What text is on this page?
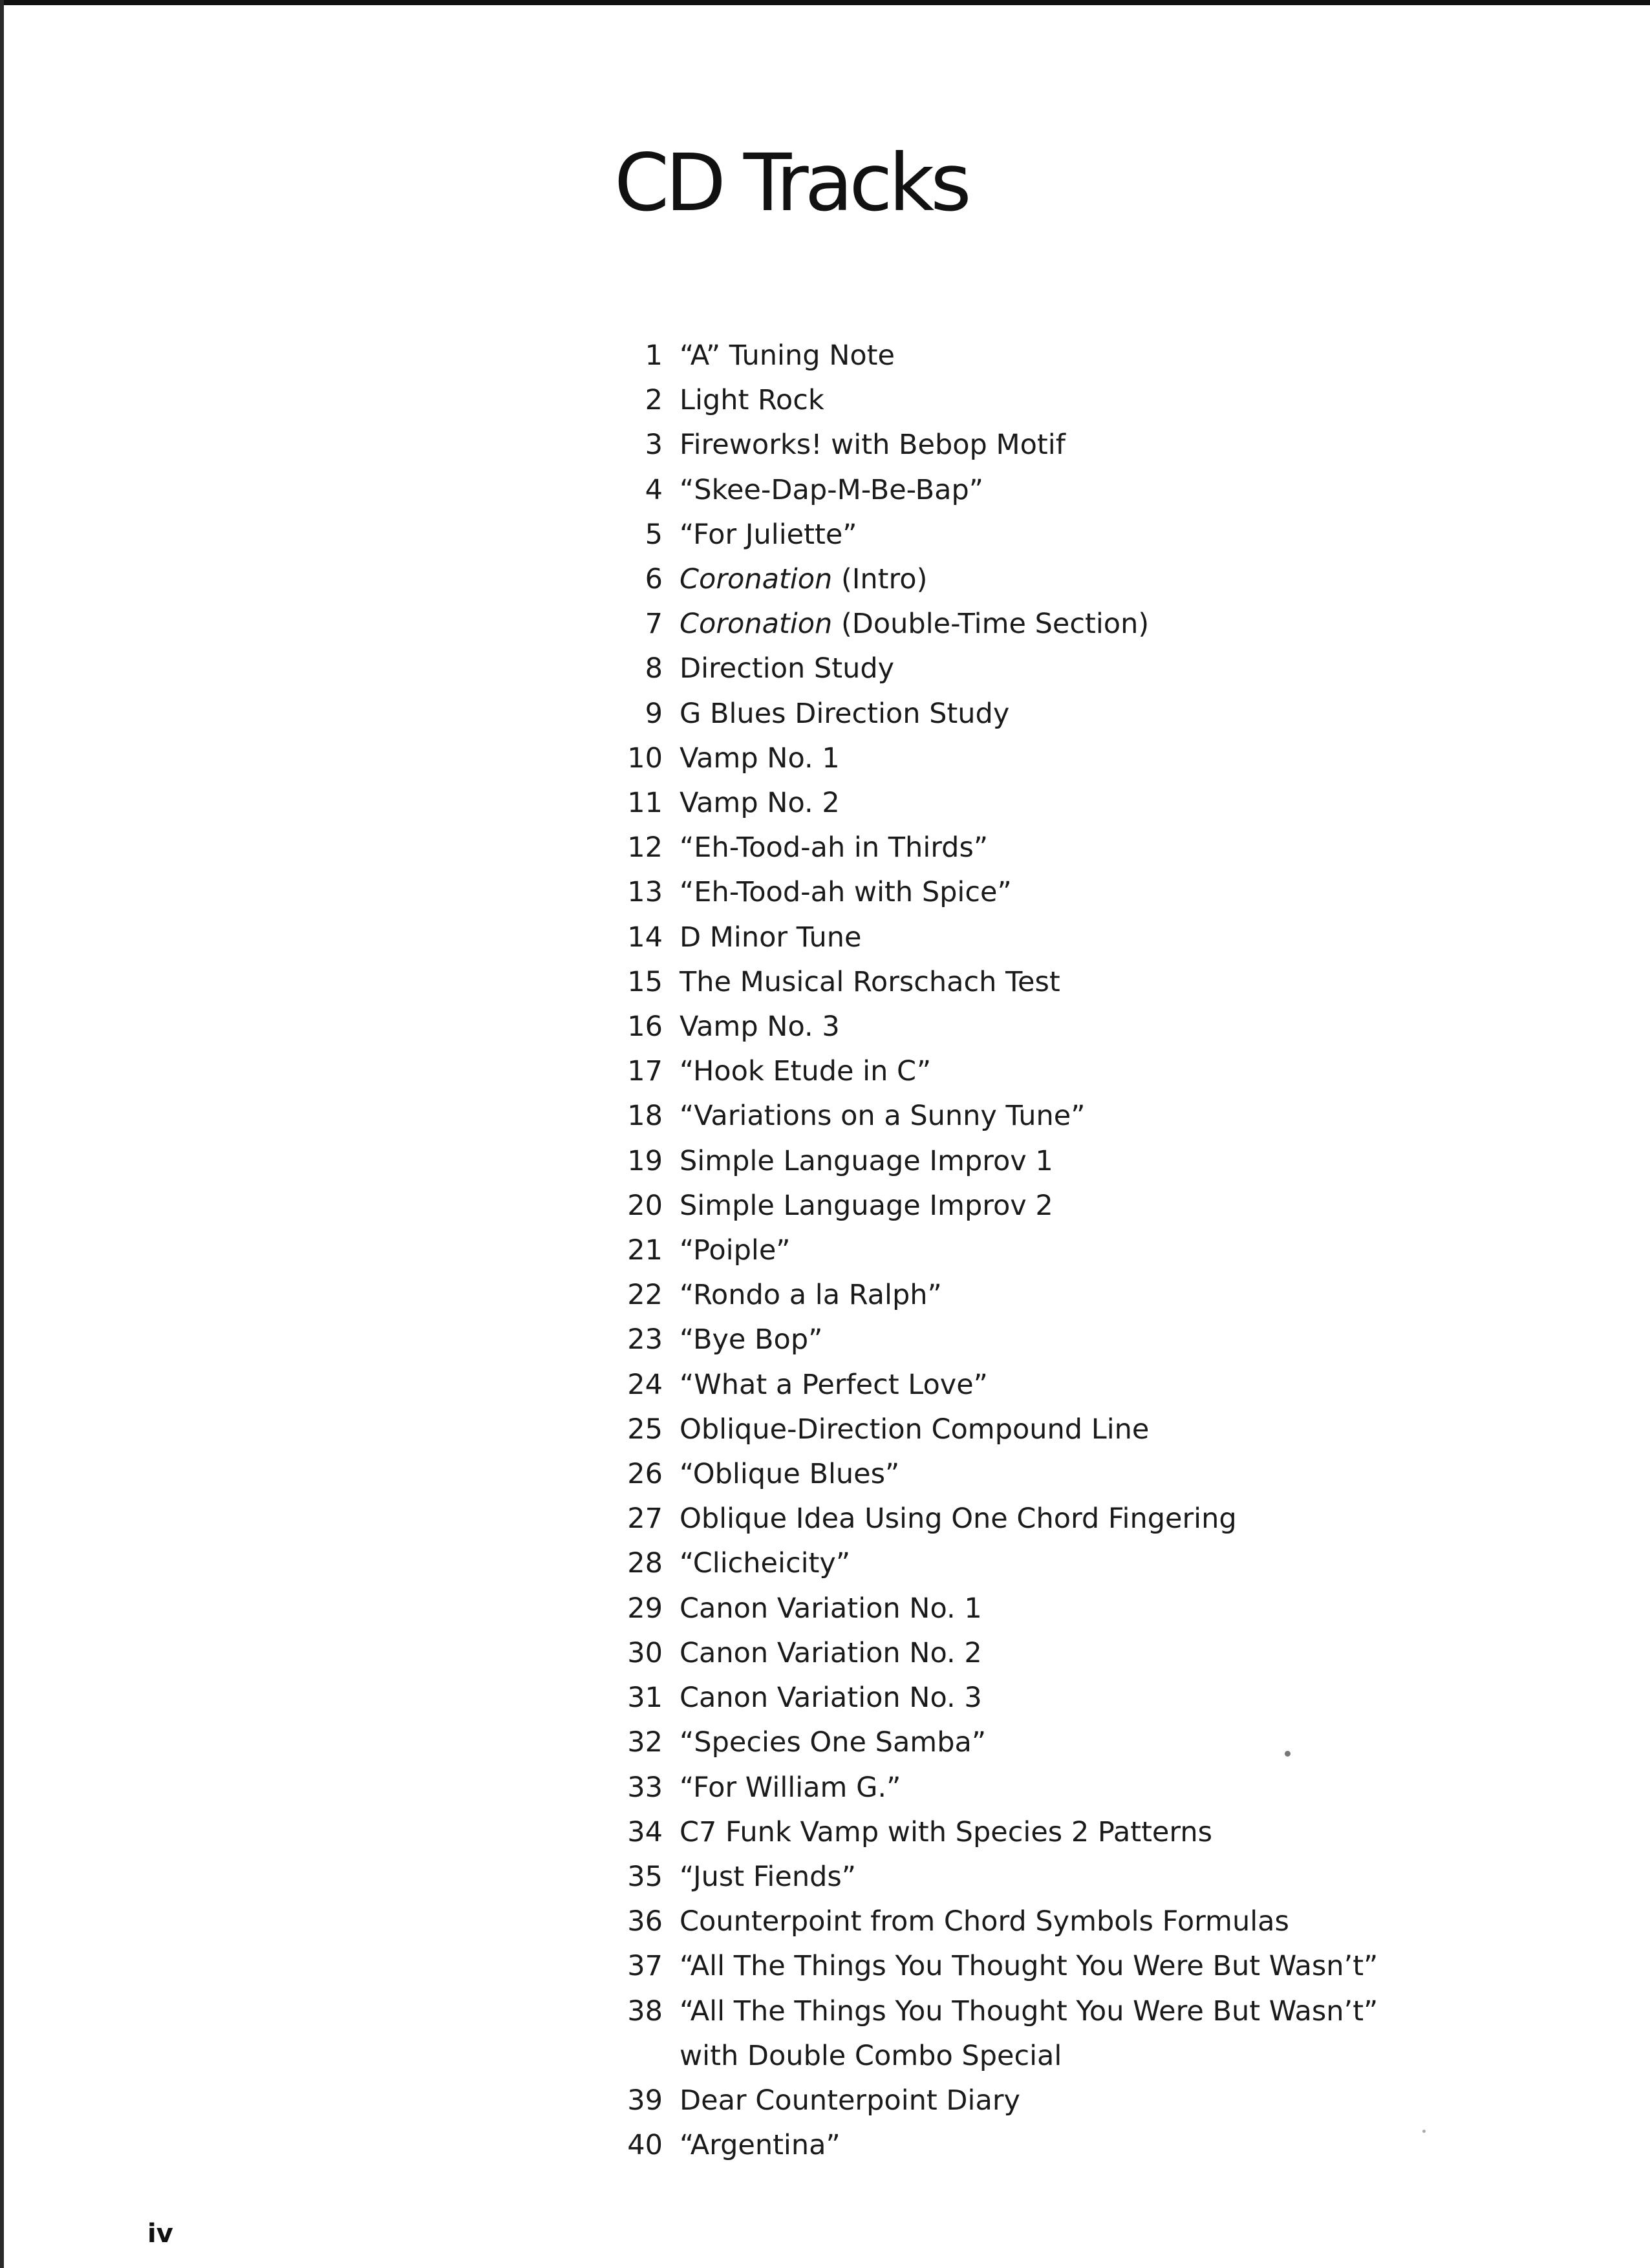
CD Tracks
1 “A” Tuning Note
2 Light Rock
3 Fireworks! with Bebop Motif
4 “Skee-Dap-M-Be-Bap”
5 “For Juliette”
6 Coronation (Intro)
7 Coronation (Double-Time Section)
8 Direction Study
9 G Blues Direction Study
10 Vamp No. 1
11 Vamp No. 2
12 “Eh-Tood-ah in Thirds”
13 “Eh-Tood-ah with Spice”
14 D Minor Tune
15 The Musical Rorschach Test
16 Vamp No. 3
17 “Hook Etude in C”
18 “Variations on a Sunny Tune”
19 Simple Language Improv 1
20 Simple Language Improv 2
21 “Poiple”
22 “Rondo a la Ralph”
23 “Bye Bop”
24 “What a Perfect Love”
25 Oblique-Direction Compound Line
26 “Oblique Blues”
27 Oblique Idea Using One Chord Fingering
28 “Clicheicity”
29 Canon Variation No. 1
30 Canon Variation No. 2
31 Canon Variation No. 3
32 “Species One Samba”
33 “For William G.”
34 C7 Funk Vamp with Species 2 Patterns
35 “Just Fiends”
36 Counterpoint from Chord Symbols Formulas
37 “All The Things You Thought You Were But Wasn’t”
38 “All The Things You Thought You Were But Wasn’t”
with Double Combo Special
39 Dear Counterpoint Diary
40 “Argentina”
iv
